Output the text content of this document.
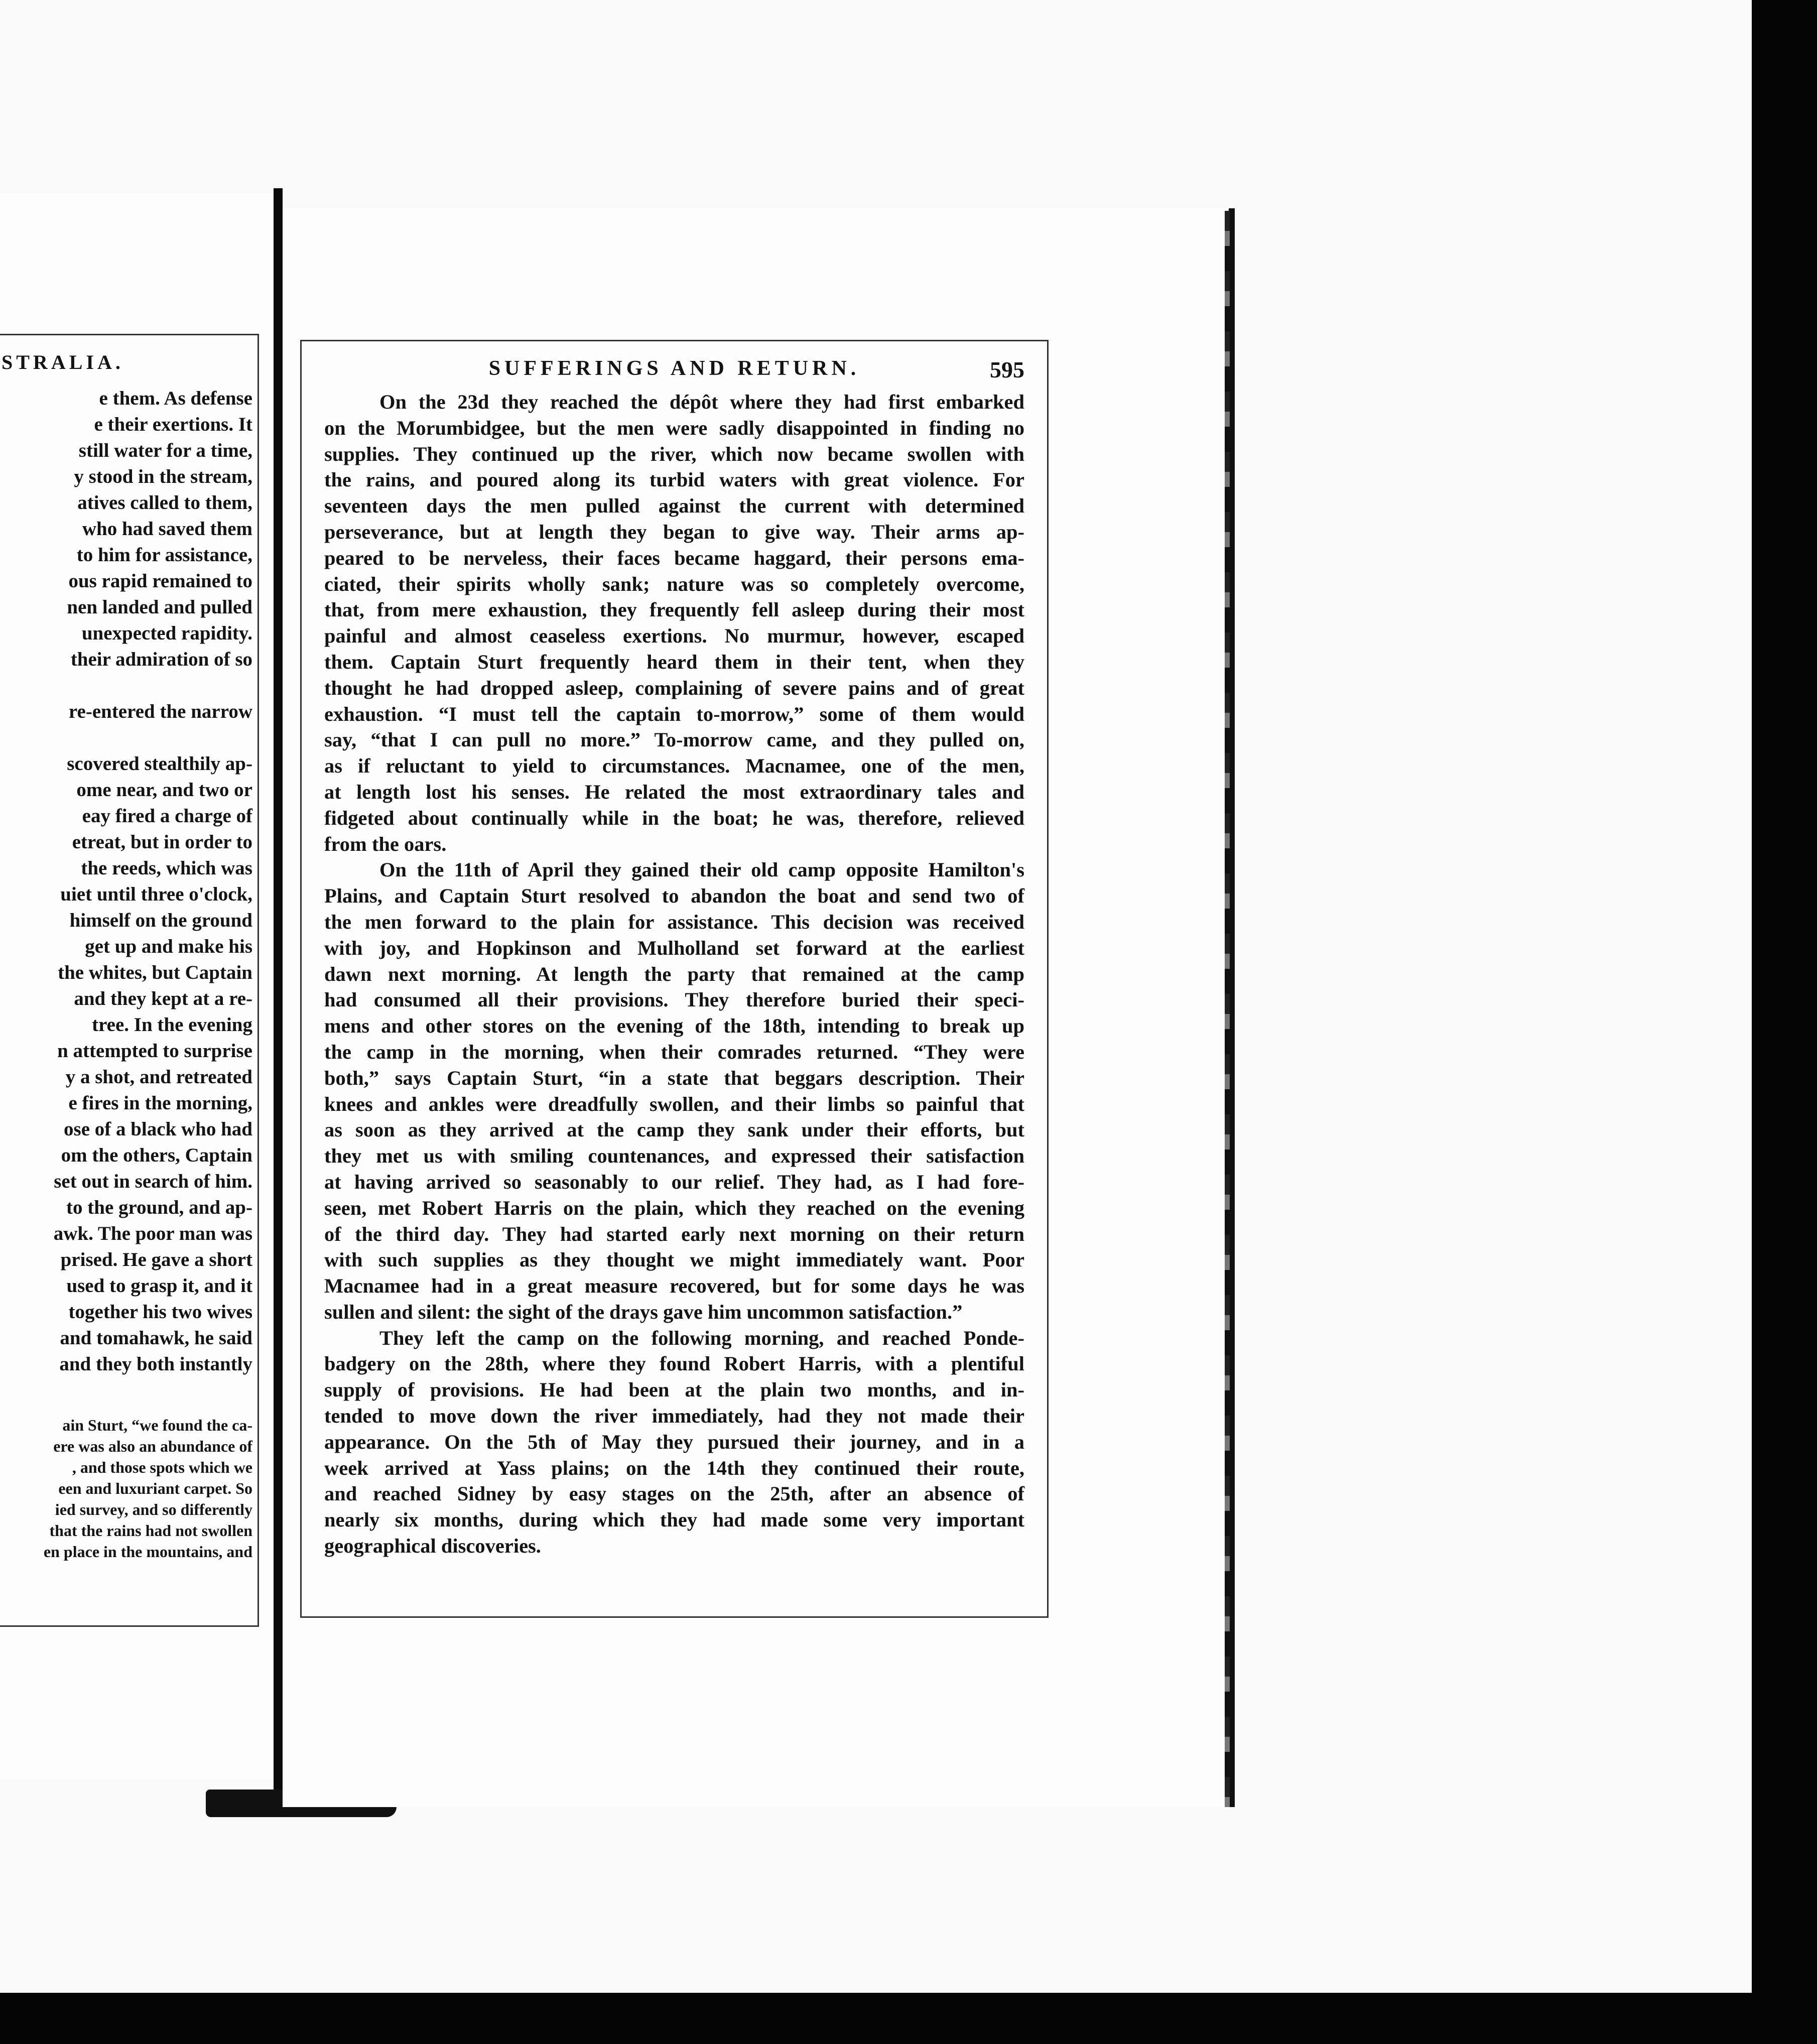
STRALIA.
e them. As defense
e their exertions. It
still water for a time,
y stood in the stream,
atives called to them,
who had saved them
to him for assistance,
ous rapid remained to
nen landed and pulled
unexpected rapidity.
their admiration of so
re-entered the narrow
scovered stealthily ap-
ome near, and two or
eay fired a charge of
etreat, but in order to
the reeds, which was
uiet until three o'clock,
himself on the ground
get up and make his
the whites, but Captain
and they kept at a re-
tree. In the evening
n attempted to surprise
y a shot, and retreated
e fires in the morning,
ose of a black who had
om the others, Captain
set out in search of him.
to the ground, and ap-
awk. The poor man was
prised. He gave a short
used to grasp it, and it
together his two wives
and tomahawk, he said
and they both instantly
ain Sturt, “we found the ca-
ere was also an abundance of
, and those spots which we
een and luxuriant carpet. So
ied survey, and so differently
that the rains had not swollen
en place in the mountains, and
SUFFERINGS AND RETURN.	595
On the 23d they reached the dépôt where they had first embarked
on the Morumbidgee, but the men were sadly disappointed in finding no
supplies. They continued up the river, which now became swollen with
the rains, and poured along its turbid waters with great violence. For
seventeen days the men pulled against the current with determined
perseverance, but at length they began to give way. Their arms ap-
peared to be nerveless, their faces became haggard, their persons ema-
ciated, their spirits wholly sank; nature was so completely overcome,
that, from mere exhaustion, they frequently fell asleep during their most
painful and almost ceaseless exertions. No murmur, however, escaped
them. Captain Sturt frequently heard them in their tent, when they
thought he had dropped asleep, complaining of severe pains and of great
exhaustion. “I must tell the captain to-morrow,” some of them would
say, “that I can pull no more.” To-morrow came, and they pulled on,
as if reluctant to yield to circumstances. Macnamee, one of the men,
at length lost his senses. He related the most extraordinary tales and
fidgeted about continually while in the boat; he was, therefore, relieved
from the oars.
On the 11th of April they gained their old camp opposite Hamilton's
Plains, and Captain Sturt resolved to abandon the boat and send two of
the men forward to the plain for assistance. This decision was received
with joy, and Hopkinson and Mulholland set forward at the earliest
dawn next morning. At length the party that remained at the camp
had consumed all their provisions. They therefore buried their speci-
mens and other stores on the evening of the 18th, intending to break up
the camp in the morning, when their comrades returned. “They were
both,” says Captain Sturt, “in a state that beggars description. Their
knees and ankles were dreadfully swollen, and their limbs so painful that
as soon as they arrived at the camp they sank under their efforts, but
they met us with smiling countenances, and expressed their satisfaction
at having arrived so seasonably to our relief. They had, as I had fore-
seen, met Robert Harris on the plain, which they reached on the evening
of the third day. They had started early next morning on their return
with such supplies as they thought we might immediately want. Poor
Macnamee had in a great measure recovered, but for some days he was
sullen and silent: the sight of the drays gave him uncommon satisfaction.”
They left the camp on the following morning, and reached Ponde-
badgery on the 28th, where they found Robert Harris, with a plentiful
supply of provisions. He had been at the plain two months, and in-
tended to move down the river immediately, had they not made their
appearance. On the 5th of May they pursued their journey, and in a
week arrived at Yass plains; on the 14th they continued their route,
and reached Sidney by easy stages on the 25th, after an absence of
nearly six months, during which they had made some very important
geographical discoveries.
